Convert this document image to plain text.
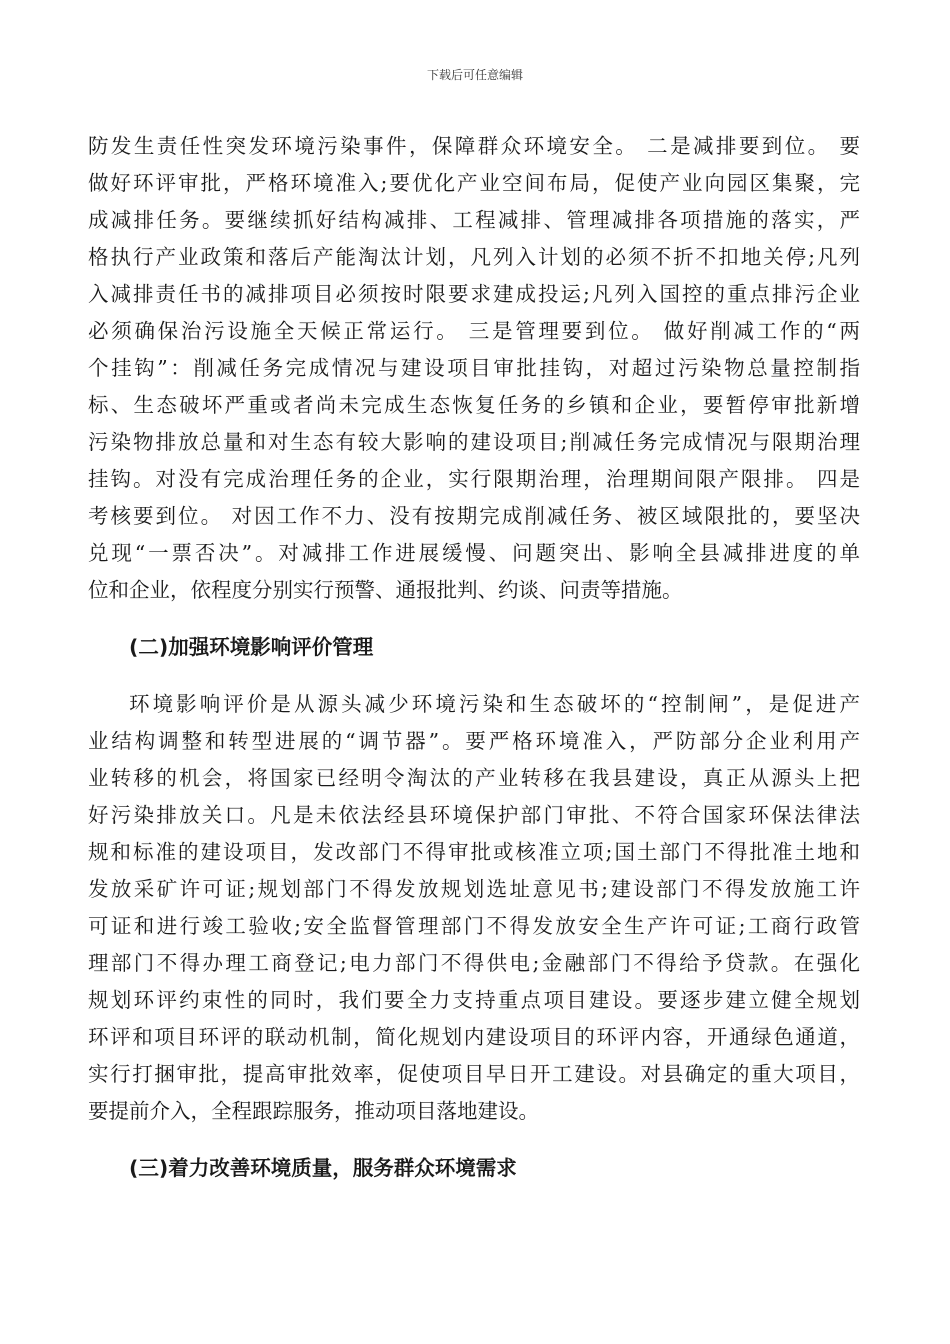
下载后可任意编辑
防发生责任性突发环境污染事件，保障群众环境安全。 二是减排要到位。 要
做好环评审批，严格环境准入;要优化产业空间布局，促使产业向园区集聚，完
成减排任务。要继续抓好结构减排、工程减排、管理减排各项措施的落实，严
格执行产业政策和落后产能淘汰计划，凡列入计划的必须不折不扣地关停;凡列
入减排责任书的减排项目必须按时限要求建成投运;凡列入国控的重点排污企业
必须确保治污设施全天候正常运行。 三是管理要到位。 做好削减工作的“两
个挂钩”：削减任务完成情况与建设项目审批挂钩，对超过污染物总量控制指
标、生态破坏严重或者尚未完成生态恢复任务的乡镇和企业，要暂停审批新增
污染物排放总量和对生态有较大影响的建设项目;削减任务完成情况与限期治理
挂钩。对没有完成治理任务的企业，实行限期治理，治理期间限产限排。 四是
考核要到位。 对因工作不力、没有按期完成削减任务、被区域限批的，要坚决
兑现“一票否决”。对减排工作进展缓慢、问题突出、影响全县减排进度的单
位和企业，依程度分别实行预警、通报批判、约谈、问责等措施。
(二)加强环境影响评价管理
环境影响评价是从源头减少环境污染和生态破坏的“控制闸”，是促进产
业结构调整和转型进展的“调节器”。要严格环境准入，严防部分企业利用产
业转移的机会，将国家已经明令淘汰的产业转移在我县建设，真正从源头上把
好污染排放关口。凡是未依法经县环境保护部门审批、不符合国家环保法律法
规和标准的建设项目，发改部门不得审批或核准立项;国土部门不得批准土地和
发放采矿许可证;规划部门不得发放规划选址意见书;建设部门不得发放施工许
可证和进行竣工验收;安全监督管理部门不得发放安全生产许可证;工商行政管
理部门不得办理工商登记;电力部门不得供电;金融部门不得给予贷款。在强化
规划环评约束性的同时，我们要全力支持重点项目建设。要逐步建立健全规划
环评和项目环评的联动机制，简化规划内建设项目的环评内容，开通绿色通道，
实行打捆审批，提高审批效率，促使项目早日开工建设。对县确定的重大项目，
要提前介入，全程跟踪服务，推动项目落地建设。
(三)着力改善环境质量，服务群众环境需求
